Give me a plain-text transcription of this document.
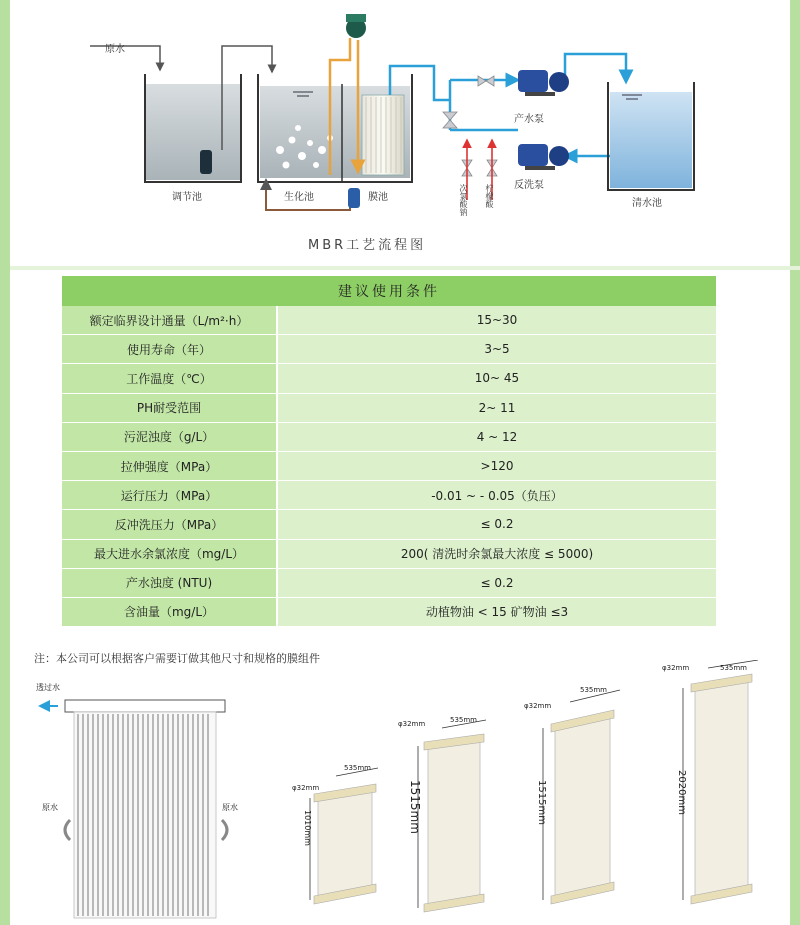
原水
调节池	生化池	膜池
产水泵
反洗泵
清水池
次氯酸钠 柠檬酸
MBR工艺流程图
建议使用条件	
额定临界设计通量（L/m²·h）	15~30
使用寿命（年）	3~5
工作温度（℃）	10~ 45
PH耐受范围	2~ 11
污泥浊度（g/L）	4 ~ 12
拉伸强度（MPa）	>120
运行压力（MPa）	-0.01 ~ - 0.05（负压）
反冲洗压力（MPa）	≤ 0.2
最大进水余氯浓度（mg/L）	200( 清洗时余氯最大浓度 ≤ 5000)
产水浊度 (NTU)	≤ 0.2
含油量（mg/L）	动植物油 < 15 矿物油 ≤3
注：本公司可以根据客户需要订做其他尺寸和规格的膜组件
透过水
原水	原水
φ32mm
535mm
1010mm
φ32mm	535mm
1515mm
φ32mm
535mm
1515mm
φ32mm	535mm
2020mm
